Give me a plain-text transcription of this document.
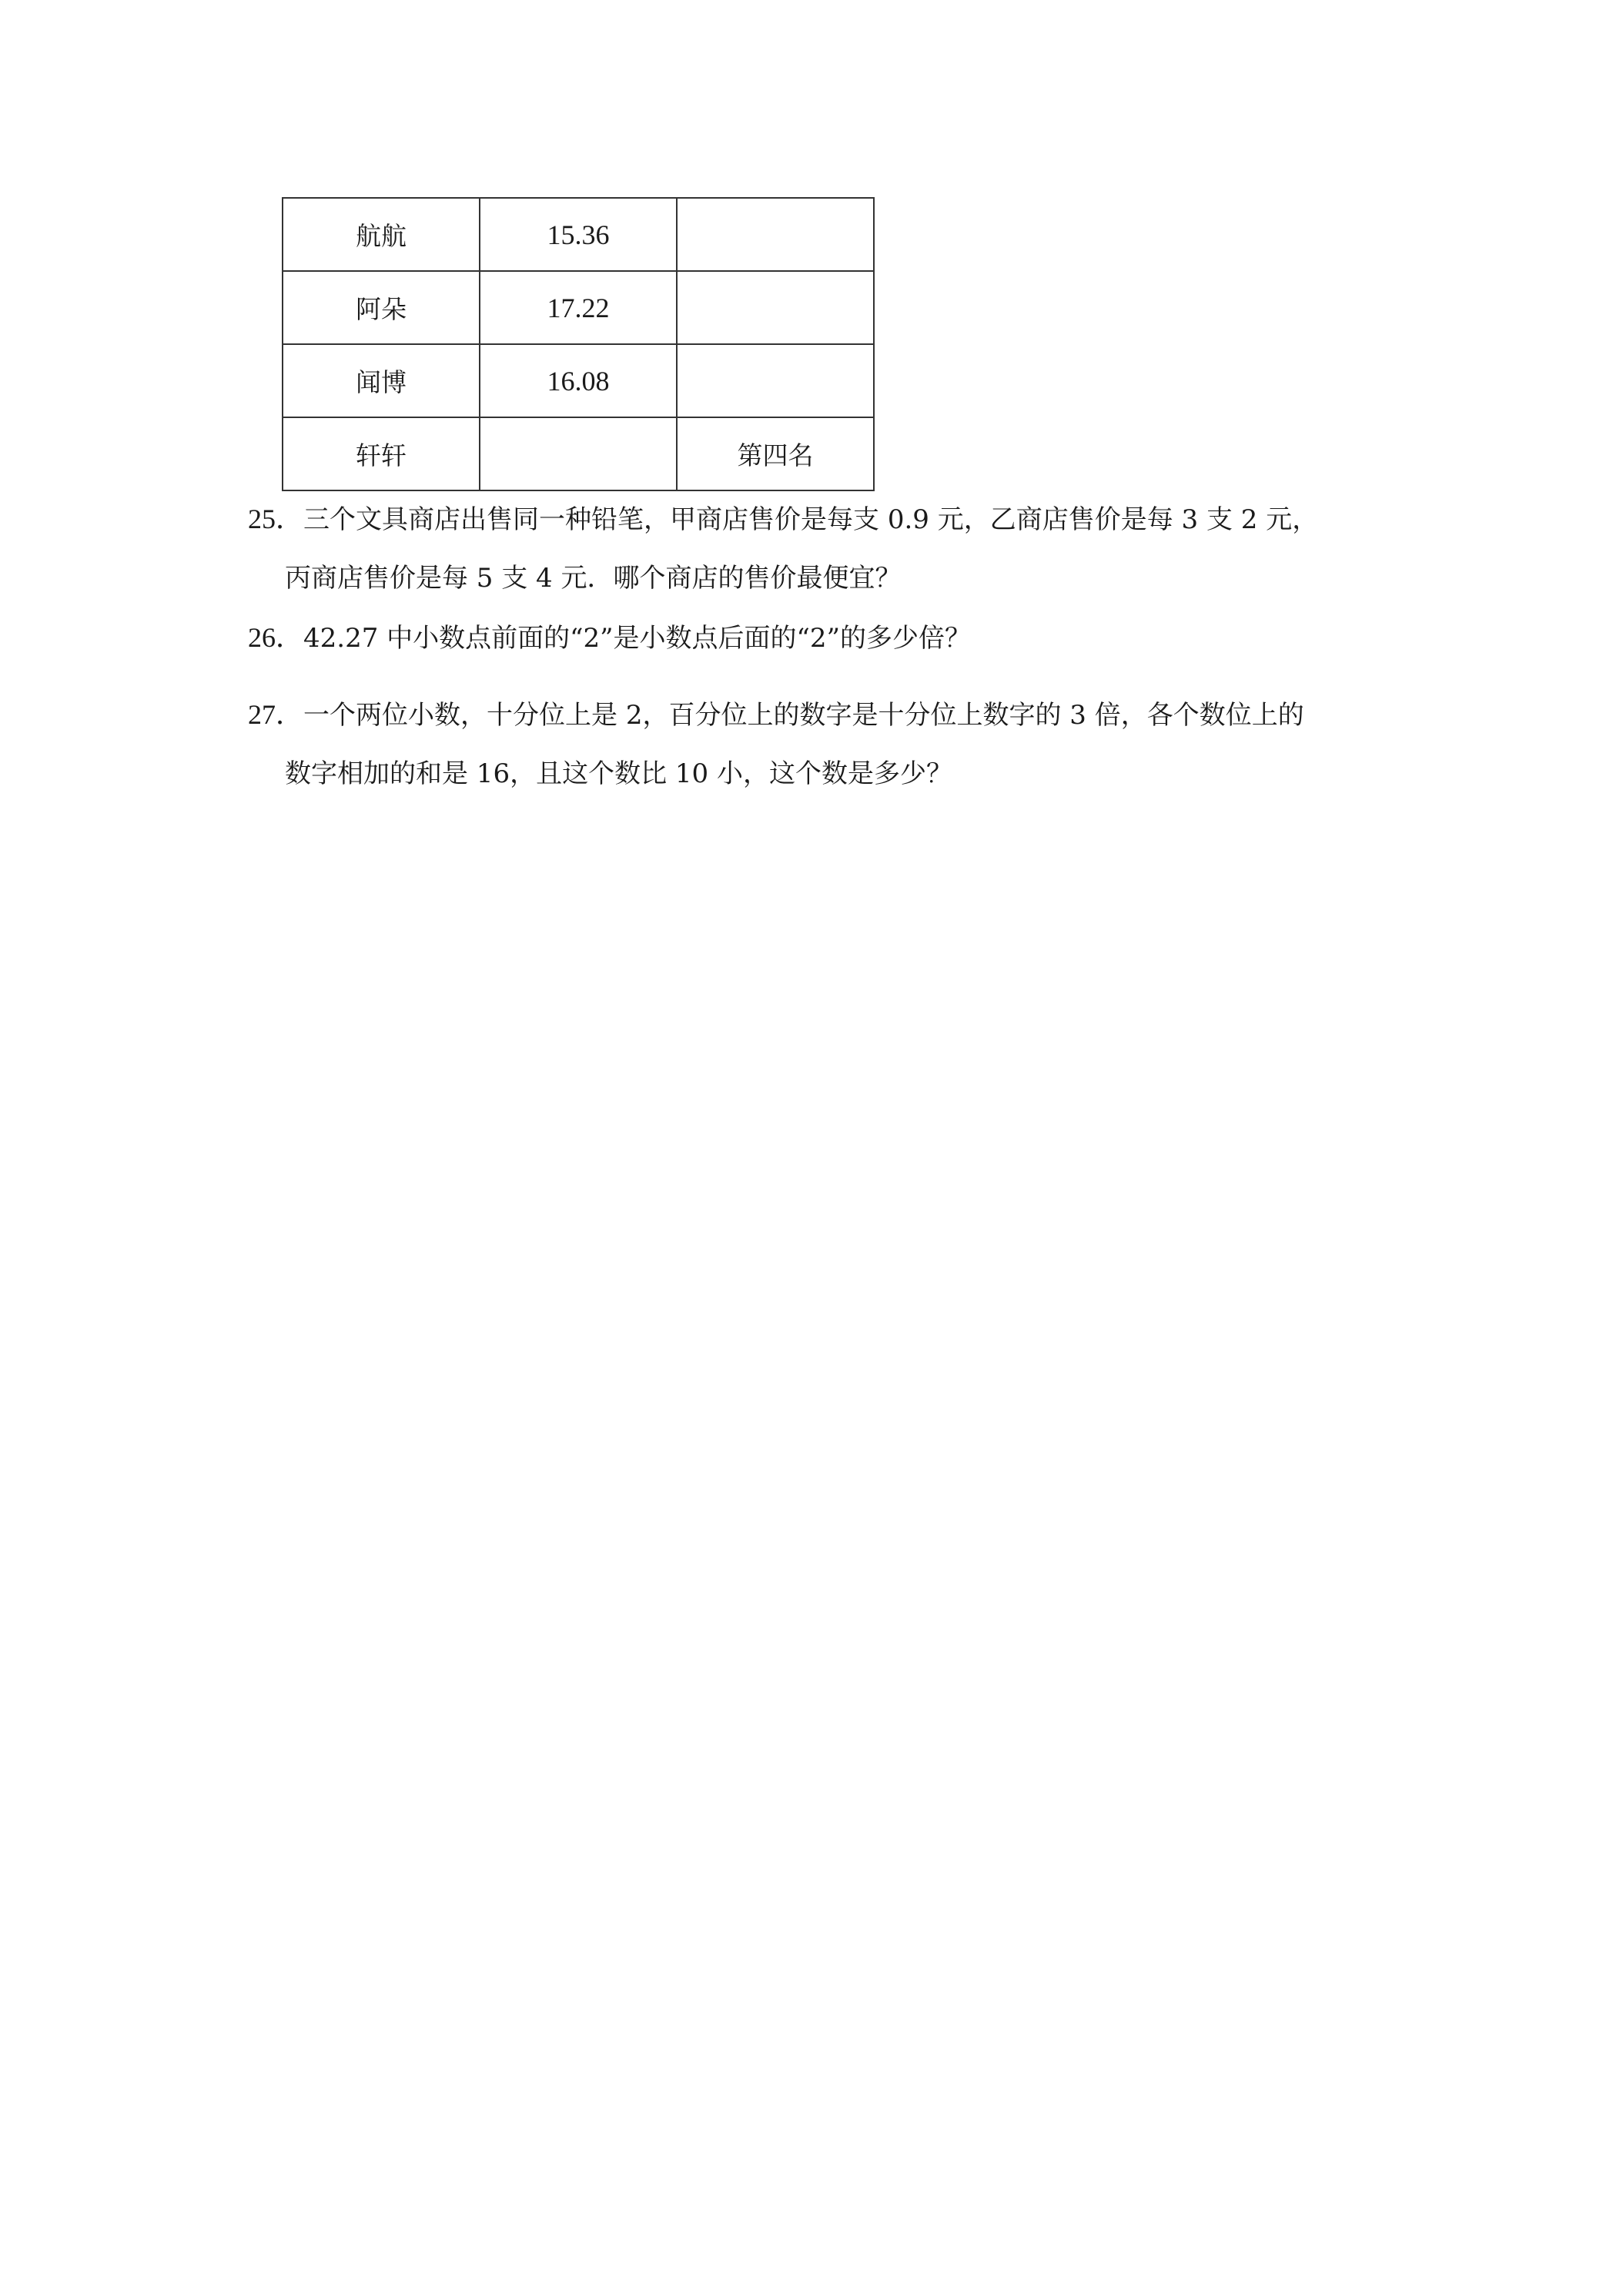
航航	15.36	
阿朵	17.22	
闻博	16.08	
轩轩		第四名
25．三个文具商店出售同一种铅笔，甲商店售价是每支 0.9 元，乙商店售价是每 3 支 2 元，
丙商店售价是每 5 支 4 元．哪个商店的售价最便宜？
26．42.27 中小数点前面的“2”是小数点后面的“2”的多少倍？
27．一个两位小数，十分位上是 2，百分位上的数字是十分位上数字的 3 倍，各个数位上的
数字相加的和是 16，且这个数比 10 小，这个数是多少？
